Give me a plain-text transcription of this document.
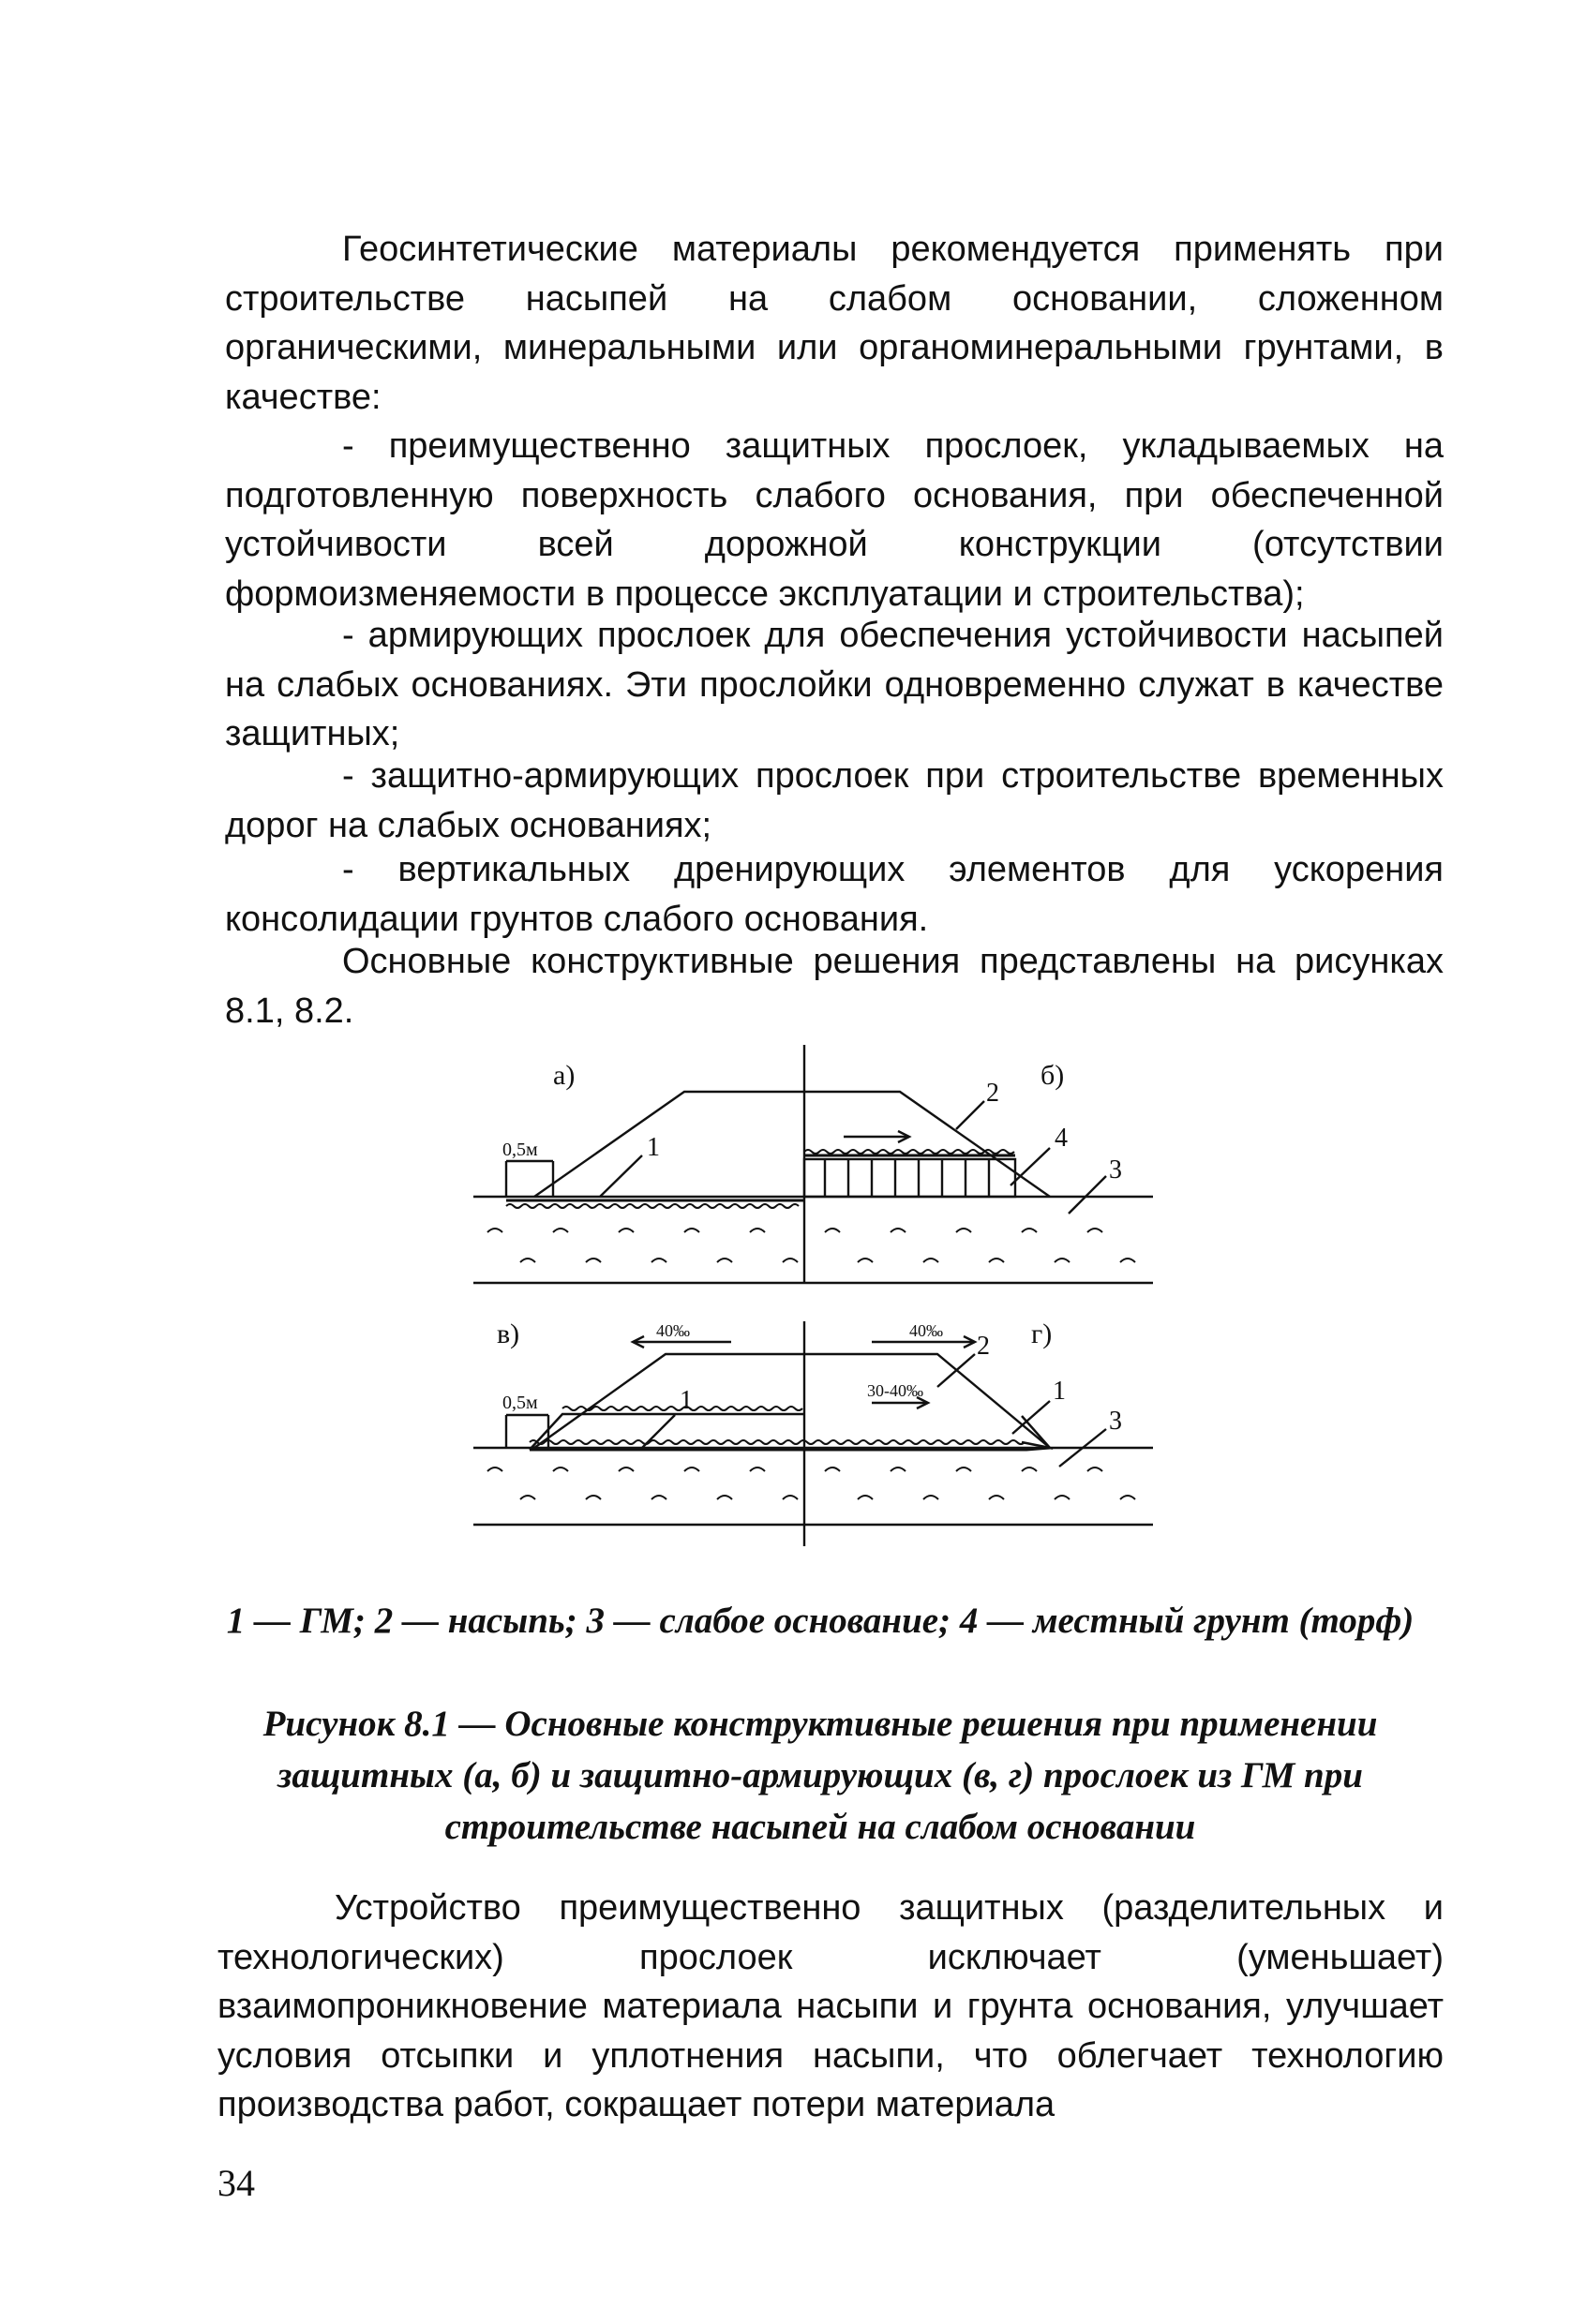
Геосинтетические материалы рекомендуется применять при строительстве насыпей на слабом основании, сложенном органическими, минеральными или органоминеральными грунтами, в качестве:

- преимущественно защитных прослоек, укладываемых на подготовленную поверхность слабого основания, при обеспеченной устойчивости всей дорожной конструкции (отсутствии формоизменяемости в процессе эксплуатации и строительства);

- армирующих прослоек для обеспечения устойчивости насыпей на слабых основаниях. Эти прослойки одновременно служат в качестве защитных;

- защитно-армирующих прослоек при строительстве временных дорог на слабых основаниях;

- вертикальных дренирующих элементов для ускорения консолидации грунтов слабого основания.

Основные конструктивные решения представлены на рисунках 8.1, 8.2.

а)	б)
в)	г)
0,5м
0,5м
40‰	40‰
30-40‰
1
2
4
3
1
2
1
3

1 — ГМ; 2 — насыпь; 3 — слабое основание; 4 — местный грунт (торф)

Рисунок 8.1 — Основные конструктивные решения при применении защитных (а, б) и защитно-армирующих (в, г) прослоек из ГМ при строительстве насыпей на слабом основании

Устройство преимущественно защитных (разделительных и технологических) прослоек исключает (уменьшает) взаимопроникновение материала насыпи и грунта основания, улучшает условия отсыпки и уплотнения насыпи, что облегчает технологию производства работ, сокращает потери материала

34
